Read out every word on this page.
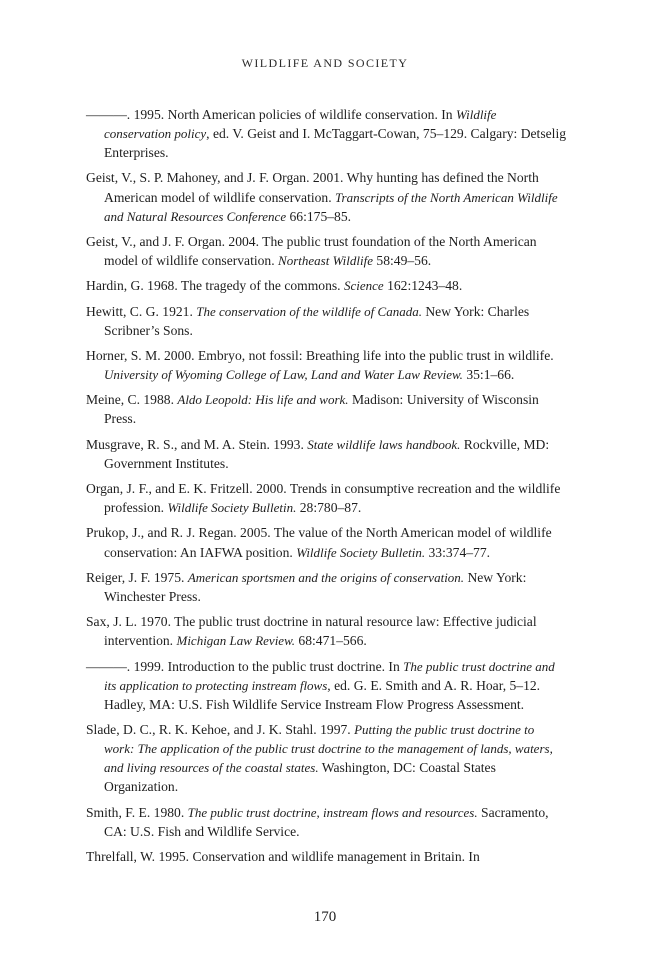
WILDLIFE AND SOCIETY

———. 1995. North American policies of wildlife conservation. In Wildlife conservation policy, ed. V. Geist and I. McTaggart-Cowan, 75–129. Calgary: Detselig Enterprises.

Geist, V., S. P. Mahoney, and J. F. Organ. 2001. Why hunting has defined the North American model of wildlife conservation. Transcripts of the North American Wildlife and Natural Resources Conference 66:175–85.

Geist, V., and J. F. Organ. 2004. The public trust foundation of the North American model of wildlife conservation. Northeast Wildlife 58:49–56.

Hardin, G. 1968. The tragedy of the commons. Science 162:1243–48.

Hewitt, C. G. 1921. The conservation of the wildlife of Canada. New York: Charles Scribner’s Sons.

Horner, S. M. 2000. Embryo, not fossil: Breathing life into the public trust in wildlife. University of Wyoming College of Law, Land and Water Law Review. 35:1–66.

Meine, C. 1988. Aldo Leopold: His life and work. Madison: University of Wisconsin Press.

Musgrave, R. S., and M. A. Stein. 1993. State wildlife laws handbook. Rockville, MD: Government Institutes.

Organ, J. F., and E. K. Fritzell. 2000. Trends in consumptive recreation and the wildlife profession. Wildlife Society Bulletin. 28:780–87.

Prukop, J., and R. J. Regan. 2005. The value of the North American model of wildlife conservation: An IAFWA position. Wildlife Society Bulletin. 33:374–77.

Reiger, J. F. 1975. American sportsmen and the origins of conservation. New York: Winchester Press.

Sax, J. L. 1970. The public trust doctrine in natural resource law: Effective judicial intervention. Michigan Law Review. 68:471–566.

———. 1999. Introduction to the public trust doctrine. In The public trust doctrine and its application to protecting instream flows, ed. G. E. Smith and A. R. Hoar, 5–12. Hadley, MA: U.S. Fish Wildlife Service Instream Flow Progress Assessment.

Slade, D. C., R. K. Kehoe, and J. K. Stahl. 1997. Putting the public trust doctrine to work: The application of the public trust doctrine to the management of lands, waters, and living resources of the coastal states. Washington, DC: Coastal States Organization.

Smith, F. E. 1980. The public trust doctrine, instream flows and resources. Sacramento, CA: U.S. Fish and Wildlife Service.

Threlfall, W. 1995. Conservation and wildlife management in Britain. In

170
